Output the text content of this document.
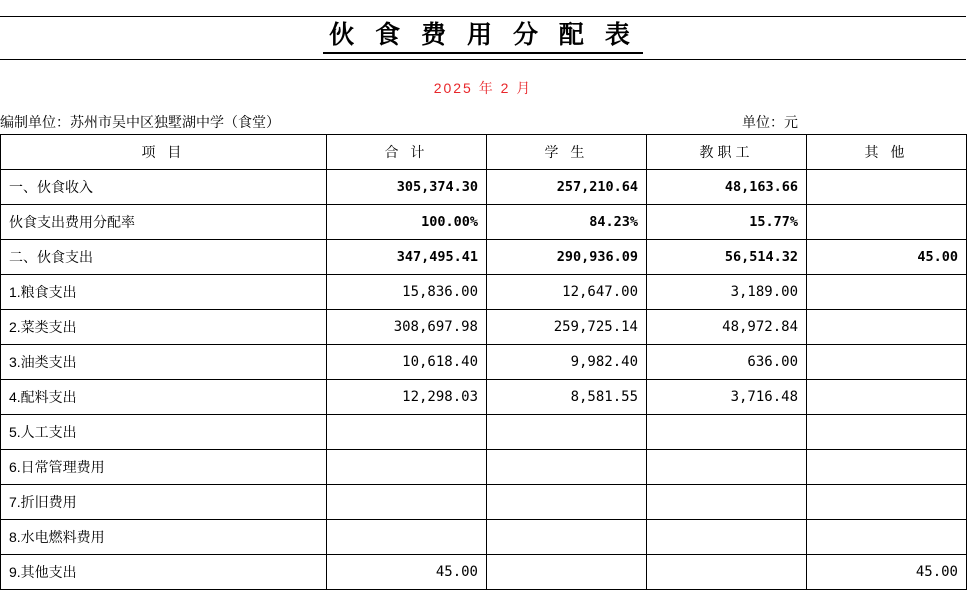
伙 食 费 用 分 配 表
2025 年 2 月
编制单位：苏州市吴中区独墅湖中学（食堂）	单位：元
项 目	合 计	学 生	教职工	其 他
一、伙食收入	305,374.30	257,210.64	48,163.66	
伙食支出费用分配率	100.00%	84.23%	15.77%	
二、伙食支出	347,495.41	290,936.09	56,514.32	45.00
1.粮食支出	15,836.00	12,647.00	3,189.00	
2.菜类支出	308,697.98	259,725.14	48,972.84	
3.油类支出	10,618.40	9,982.40	636.00	
4.配料支出	12,298.03	8,581.55	3,716.48	
5.人工支出				
6.日常管理费用				
7.折旧费用				
8.水电燃料费用				
9.其他支出	45.00			45.00
